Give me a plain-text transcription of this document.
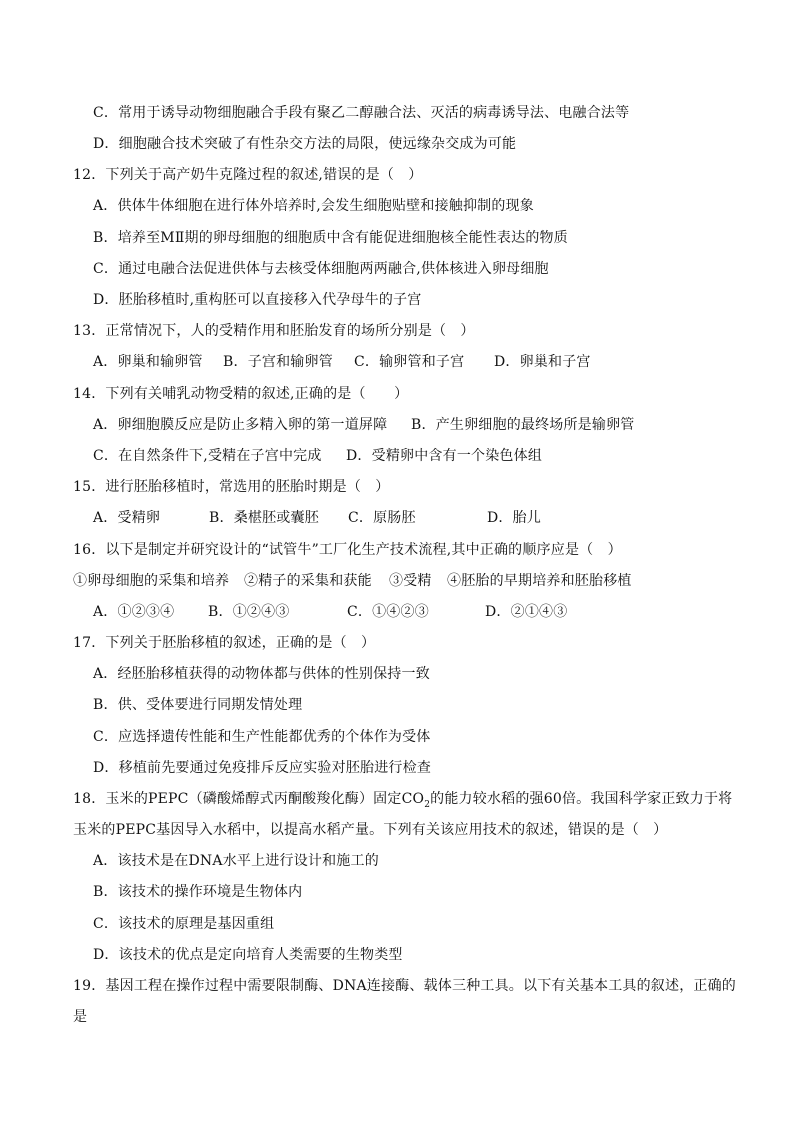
C．常用于诱导动物细胞融合手段有聚乙二醇融合法、灭活的病毒诱导法、电融合法等
D．细胞融合技术突破了有性杂交方法的局限，使远缘杂交成为可能
12．下列关于高产奶牛克隆过程的叙述,错误的是（　）
A．供体牛体细胞在进行体外培养时,会发生细胞贴壁和接触抑制的现象
B．培养至MⅡ期的卵母细胞的细胞质中含有能促进细胞核全能性表达的物质
C．通过电融合法促进供体与去核受体细胞两两融合,供体核进入卵母细胞
D．胚胎移植时,重构胚可以直接移入代孕母牛的子宫
13．正常情况下，人的受精作用和胚胎发育的场所分别是（　）
A．卵巢和输卵管	B．子宫和输卵管	C．输卵管和子宫	D．卵巢和子宫
14．下列有关哺乳动物受精的叙述,正确的是（　　）
A．卵细胞膜反应是防止多精入卵的第一道屏障	B．产生卵细胞的最终场所是输卵管
C．在自然条件下,受精在子宫中完成	D．受精卵中含有一个染色体组
15．进行胚胎移植时，常选用的胚胎时期是（　）
A．受精卵	B．桑椹胚或囊胚	C．原肠胚	D．胎儿
16．以下是制定并研究设计的“试管牛”工厂化生产技术流程,其中正确的顺序应是（　）
①卵母细胞的采集和培养	②精子的采集和获能	③受精	④胚胎的早期培养和胚胎移植
A．①②③④	B．①②④③	C．①④②③	D．②①④③
17．下列关于胚胎移植的叙述，正确的是（　）
A．经胚胎移植获得的动物体都与供体的性别保持一致
B．供、受体要进行同期发情处理
C．应选择遗传性能和生产性能都优秀的个体作为受体
D．移植前先要通过免疫排斥反应实验对胚胎进行检查
18．玉米的PEPC（磷酸烯醇式丙酮酸羧化酶）固定$CO_2$的能力较水稻的强60倍。我国科学家正致力于将
玉米的PEPC基因导入水稻中，以提高水稻产量。下列有关该应用技术的叙述，错误的是（　）
A．该技术是在DNA水平上进行设计和施工的
B．该技术的操作环境是生物体内
C．该技术的原理是基因重组
D．该技术的优点是定向培育人类需要的生物类型
19．基因工程在操作过程中需要限制酶、DNA连接酶、载体三种工具。以下有关基本工具的叙述，正确的
是
